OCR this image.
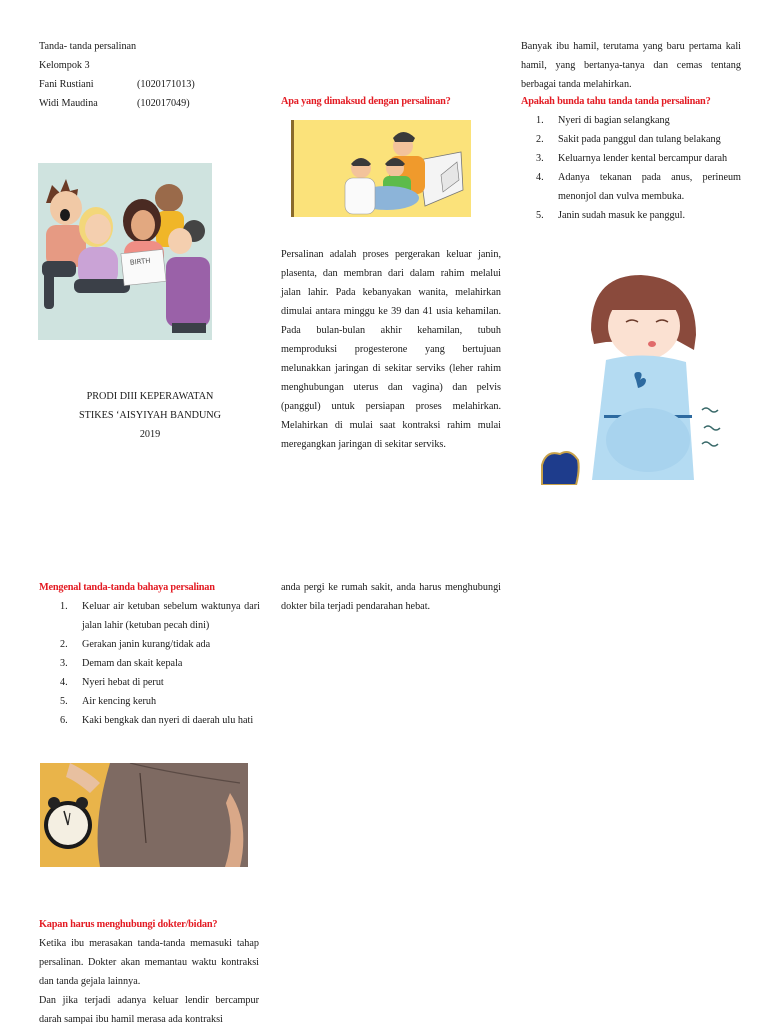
Tanda- tanda persalinan
Kelompok 3
Fani Rustiani	(1020171013)
Widi Maudina	(102017049)
BIRTH
PRODI DIII KEPERAWATAN
STIKES ‘AISYIYAH BANDUNG
2019
Apa yang dimaksud dengan persalinan?
Persalinan adalah proses pergerakan keluar janin, plasenta, dan membran dari dalam rahim melalui jalan lahir. Pada kebanyakan wanita, melahirkan dimulai antara minggu ke 39 dan 41 usia kehamilan. Pada bulan-bulan akhir kehamilan, tubuh memproduksi progesterone yang bertujuan melunakkan jaringan di sekitar serviks (leher rahim menghubungan uterus dan vagina) dan pelvis (panggul) untuk persiapan proses melahirkan. Melahirkan di mulai saat kontraksi rahim mulai meregangkan jaringan di sekitar serviks.
Banyak ibu hamil, terutama yang baru pertama kali hamil, yang bertanya-tanya dan cemas tentang berbagai tanda melahirkan.
Apakah bunda tahu tanda tanda persalinan?
1.	Nyeri di bagian selangkang
2.	Sakit pada panggul dan tulang belakang
3.	Keluarnya lender kental bercampur darah
4.	Adanya tekanan pada anus, perineum menonjol dan vulva membuka.
5.	Janin sudah masuk ke panggul.
Mengenal tanda-tanda bahaya persalinan
1.	Keluar air ketuban sebelum waktunya dari jalan lahir (ketuban pecah dini)
2.	Gerakan janin kurang/tidak ada
3.	Demam dan skait kepala
4.	Nyeri hebat di perut
5.	Air kencing keruh
6.	Kaki bengkak dan nyeri di daerah ulu hati
Kapan harus menghubungi dokter/bidan?
Ketika ibu merasakan tanda-tanda memasuki tahap persalinan. Dokter akan memantau waktu kontraksi dan tanda gejala lainnya.
Dan jika terjadi adanya keluar lendir bercampur darah sampai ibu hamil merasa ada kontraksi
anda pergi ke rumah sakit, anda harus menghubungi dokter bila terjadi pendarahan hebat.
